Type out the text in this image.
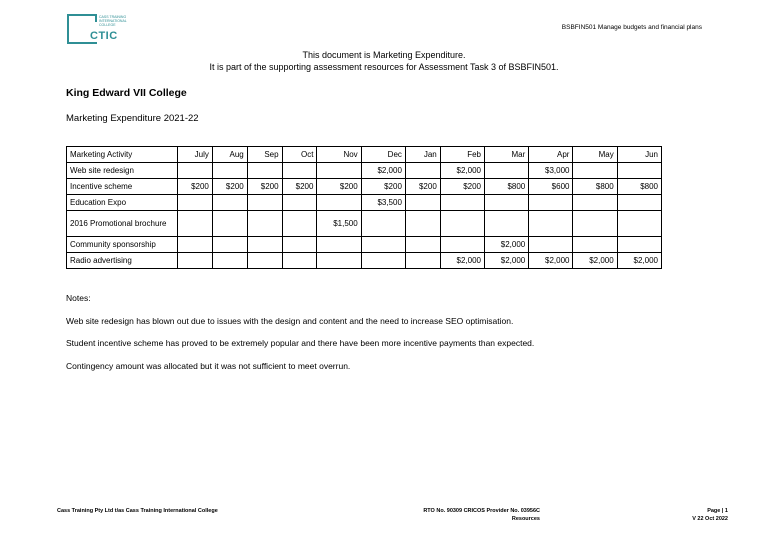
CASS TRAINING INTERNATIONAL COLLEGE
CTIC
BSBFIN501 Manage budgets and financial plans
This document is Marketing Expenditure.
It is part of the supporting assessment resources for Assessment Task 3 of BSBFIN501.
King Edward VII College
Marketing Expenditure 2021-22
Marketing Activity	July	Aug	Sep	Oct	Nov	Dec	Jan	Feb	Mar	Apr	May	Jun
Web site redesign						$2,000		$2,000		$3,000		
Incentive scheme	$200	$200	$200	$200	$200	$200	$200	$200	$800	$600	$800	$800
Education Expo						$3,500						
2016 Promotional brochure					$1,500							
Community sponsorship									$2,000			
Radio advertising								$2,000	$2,000	$2,000	$2,000	$2,000
Notes:
Web site redesign has blown out due to issues with the design and content and the need to increase SEO optimisation.
Student incentive scheme has proved to be extremely popular and there have been more incentive payments than expected.
Contingency amount was allocated but it was not sufficient to meet overrun.
Cass Training Pty Ltd t/as Cass Training International College	RTO No. 90309 CRICOS Provider No. 03956C
Resources
Page | 1
V 22 Oct 2022
